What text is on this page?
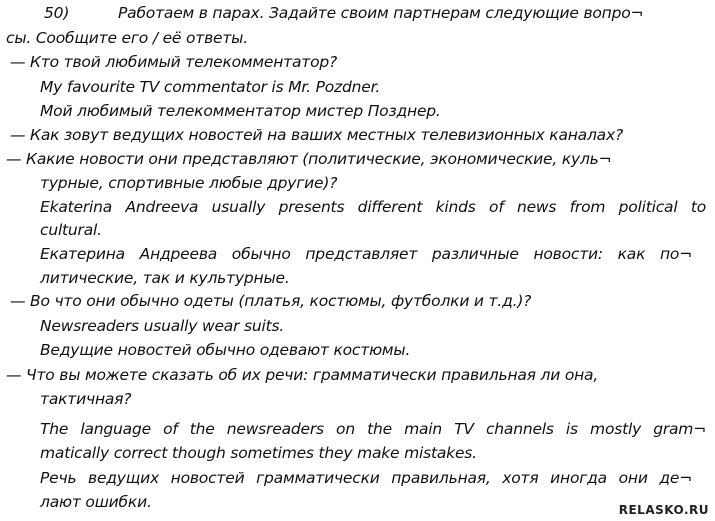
50)	Работаем в парах. Задайте своим партнерам следующие вопро¬
сы. Сообщите его / её ответы.
— Кто твой любимый телекомментатор?
My favourite TV commentator is Mr. Pozdner.
Мой любимый телекомментатор мистер Позднер.
— Как зовут ведущих новостей на ваших местных телевизионных каналах?
— Какие новости они представляют (политические, экономические, куль¬
турные, спортивные любые другие)?
Ekaterina Andreeva usually presents different kinds of news from political to
cultural.
Екатерина Андреева обычно представляет различные новости: как по¬
литические, так и культурные.
— Во что они обычно одеты (платья, костюмы, футболки и т.д.)?
Newsreaders usually wear suits.
Ведущие новостей обычно одевают костюмы.
— Что вы можете сказать об их речи: грамматически правильная ли она,
тактичная?
The language of the newsreaders on the main TV channels is mostly gram¬
matically correct though sometimes they make mistakes.
Речь ведущих новостей грамматически правильная, хотя иногда они де¬
лают ошибки.	RELASKO.RU
